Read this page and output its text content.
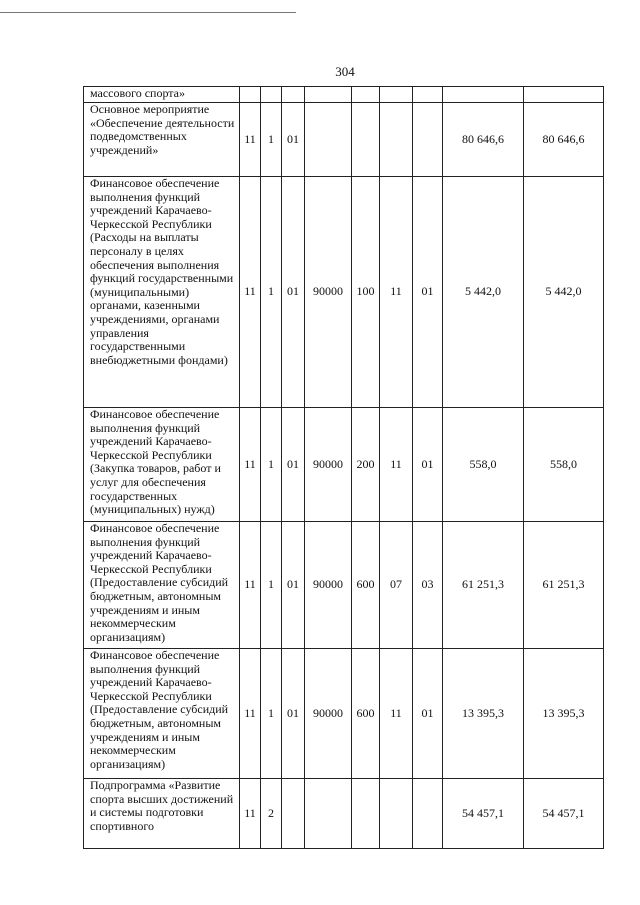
304
массового спорта»									
Основное мероприятие «Обеспечение деятельности подведомственных учреждений»	11	1	01					80 646,6	80 646,6
Финансовое обеспечение выполнения функций учреждений Карачаево-Черкесской Республики (Расходы на выплаты персоналу в целях обеспечения выполнения функций государственными (муниципальными) органами, казенными учреждениями, органами управления государственными внебюджетными фондами)	11	1	01	90000	100	11	01	5 442,0	5 442,0
Финансовое обеспечение выполнения функций учреждений Карачаево-Черкесской Республики (Закупка товаров, работ и услуг для обеспечения государственных (муниципальных) нужд)	11	1	01	90000	200	11	01	558,0	558,0
Финансовое обеспечение выполнения функций учреждений Карачаево-Черкесской Республики (Предоставление субсидий бюджетным, автономным учреждениям и иным некоммерческим организациям)	11	1	01	90000	600	07	03	61 251,3	61 251,3
Финансовое обеспечение выполнения функций учреждений Карачаево-Черкесской Республики (Предоставление субсидий бюджетным, автономным учреждениям и иным некоммерческим организациям)	11	1	01	90000	600	11	01	13 395,3	13 395,3
Подпрограмма «Развитие спорта высших достижений и системы подготовки спортивного	11	2						54 457,1	54 457,1
